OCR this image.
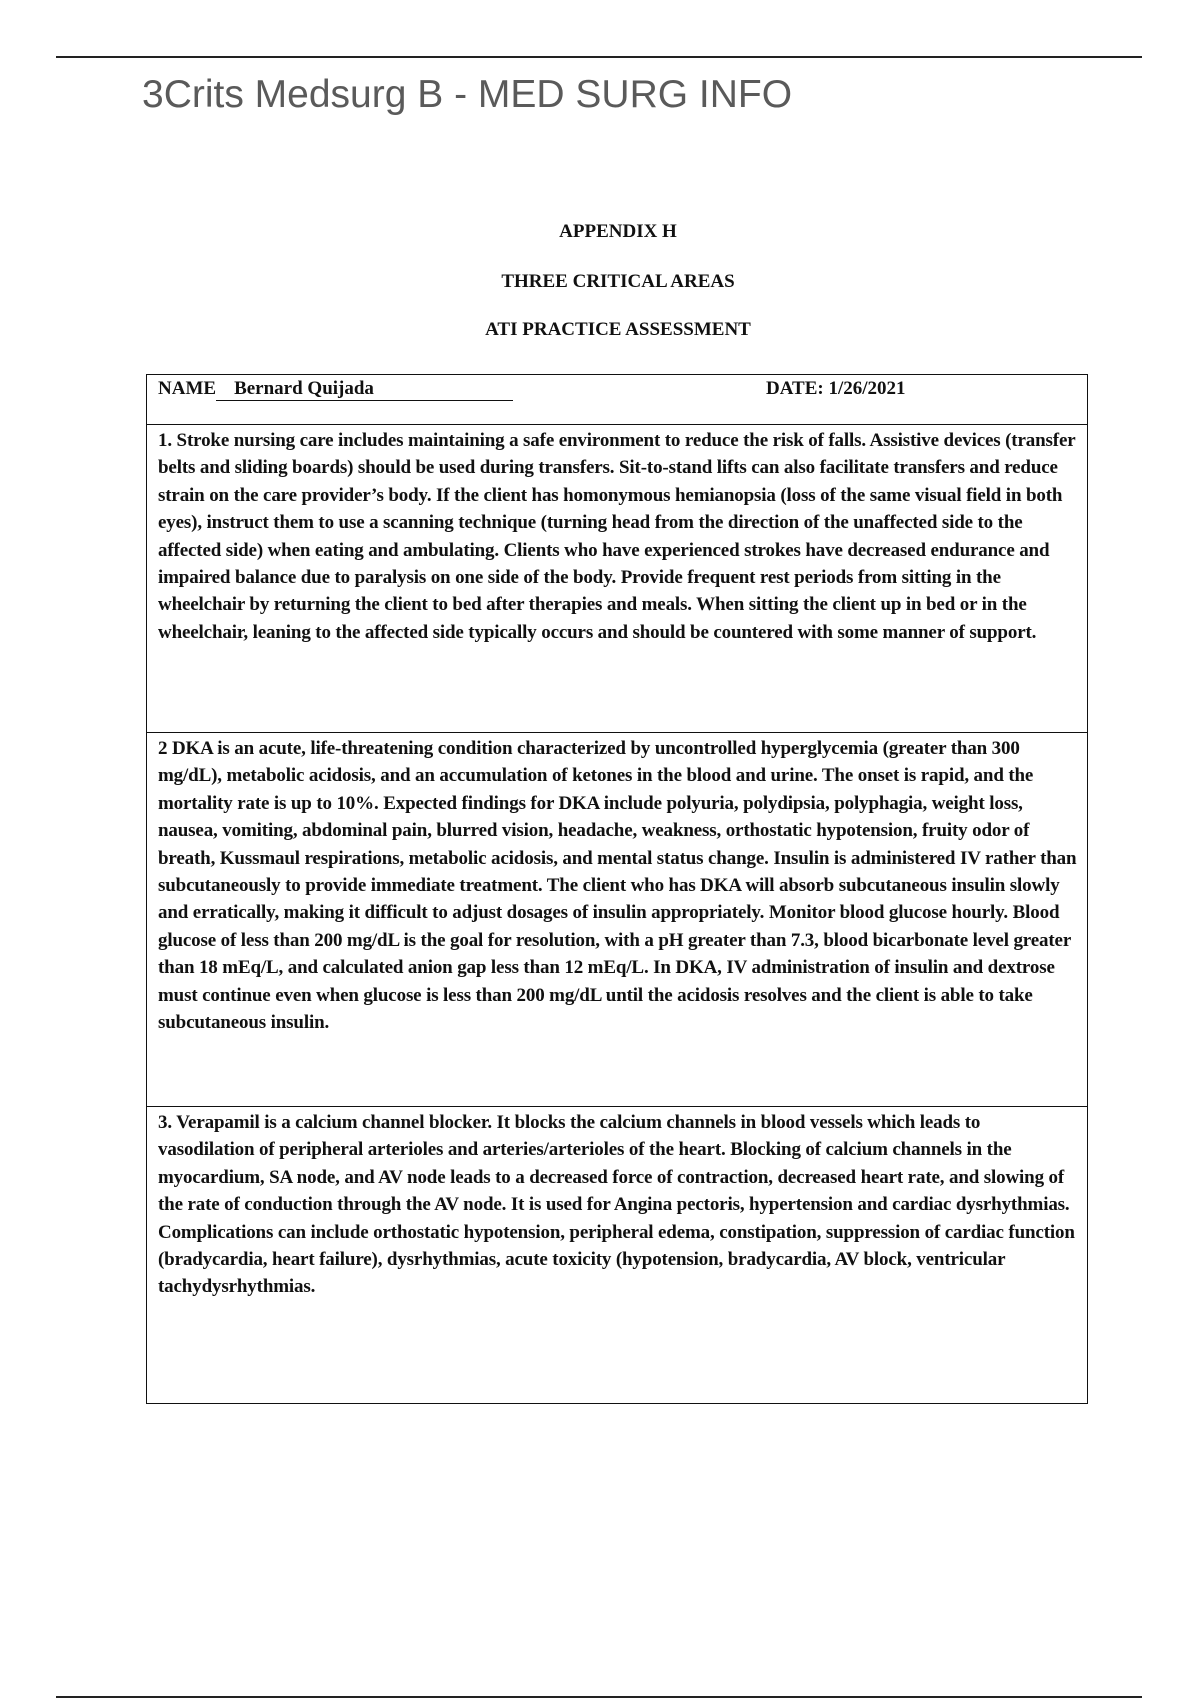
3Crits Medsurg B - MED SURG INFO
APPENDIX H
THREE CRITICAL AREAS
ATI PRACTICE ASSESSMENT
NAME Bernard Quijada	DATE: 1/26/2021
1. Stroke nursing care includes maintaining a safe environment to reduce the risk of falls. Assistive devices (transfer belts and sliding boards) should be used during transfers. Sit-to-stand lifts can also facilitate transfers and reduce strain on the care provider’s body. If the client has homonymous hemianopsia (loss of the same visual field in both eyes), instruct them to use a scanning technique (turning head from the direction of the unaffected side to the affected side) when eating and ambulating. Clients who have experienced strokes have decreased endurance and impaired balance due to paralysis on one side of the body. Provide frequent rest periods from sitting in the wheelchair by returning the client to bed after therapies and meals. When sitting the client up in bed or in the wheelchair, leaning to the affected side typically occurs and should be countered with some manner of support.
2 DKA is an acute, life-threatening condition characterized by uncontrolled hyperglycemia (greater than 300 mg/dL), metabolic acidosis, and an accumulation of ketones in the blood and urine. The onset is rapid, and the mortality rate is up to 10%. Expected findings for DKA include polyuria, polydipsia, polyphagia, weight loss, nausea, vomiting, abdominal pain, blurred vision, headache, weakness, orthostatic hypotension, fruity odor of breath, Kussmaul respirations, metabolic acidosis, and mental status change. Insulin is administered IV rather than subcutaneously to provide immediate treatment. The client who has DKA will absorb subcutaneous insulin slowly and erratically, making it difficult to adjust dosages of insulin appropriately. Monitor blood glucose hourly. Blood glucose of less than 200 mg/dL is the goal for resolution, with a pH greater than 7.3, blood bicarbonate level greater than 18 mEq/L, and calculated anion gap less than 12 mEq/L. In DKA, IV administration of insulin and dextrose must continue even when glucose is less than 200 mg/dL until the acidosis resolves and the client is able to take subcutaneous insulin.
3. Verapamil is a calcium channel blocker. It blocks the calcium channels in blood vessels which leads to vasodilation of peripheral arterioles and arteries/arterioles of the heart. Blocking of calcium channels in the myocardium, SA node, and AV node leads to a decreased force of contraction, decreased heart rate, and slowing of the rate of conduction through the AV node. It is used for Angina pectoris, hypertension and cardiac dysrhythmias. Complications can include orthostatic hypotension, peripheral edema, constipation, suppression of cardiac function (bradycardia, heart failure), dysrhythmias, acute toxicity (hypotension, bradycardia, AV block, ventricular tachydysrhythmias.
